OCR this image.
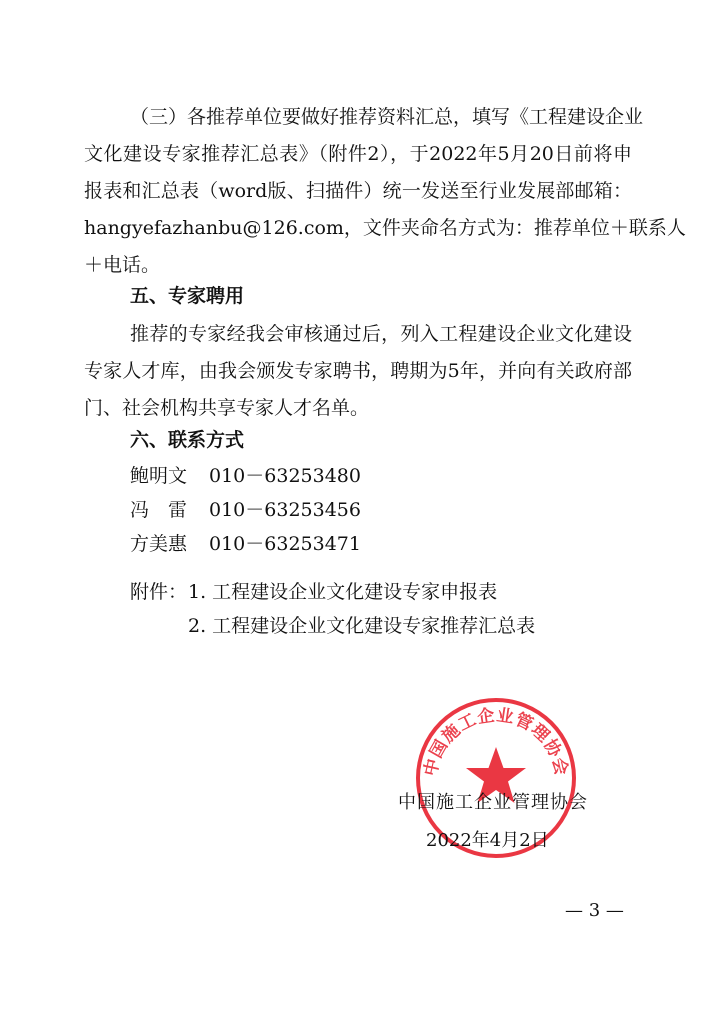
（三）各推荐单位要做好推荐资料汇总，填写《工程建设企业
文化建设专家推荐汇总表》（附件2），于2022年5月20日前将申
报表和汇总表（word版、扫描件）统一发送至行业发展部邮箱：
hangyefazhanbu@126.com，文件夹命名方式为：推荐单位＋联系人
＋电话。
五、专家聘用
推荐的专家经我会审核通过后，列入工程建设企业文化建设
专家人才库，由我会颁发专家聘书，聘期为5年，并向有关政府部
门、社会机构共享专家人才名单。
六、联系方式
鲍明文 010－63253480
冯　雷 010－63253456
方美惠 010－63253471
附件： 1. 工程建设企业文化建设专家申报表
2. 工程建设企业文化建设专家推荐汇总表
中国施工企业管理协会
中国施工企业管理协会
2022年4月2日
— 3 —
